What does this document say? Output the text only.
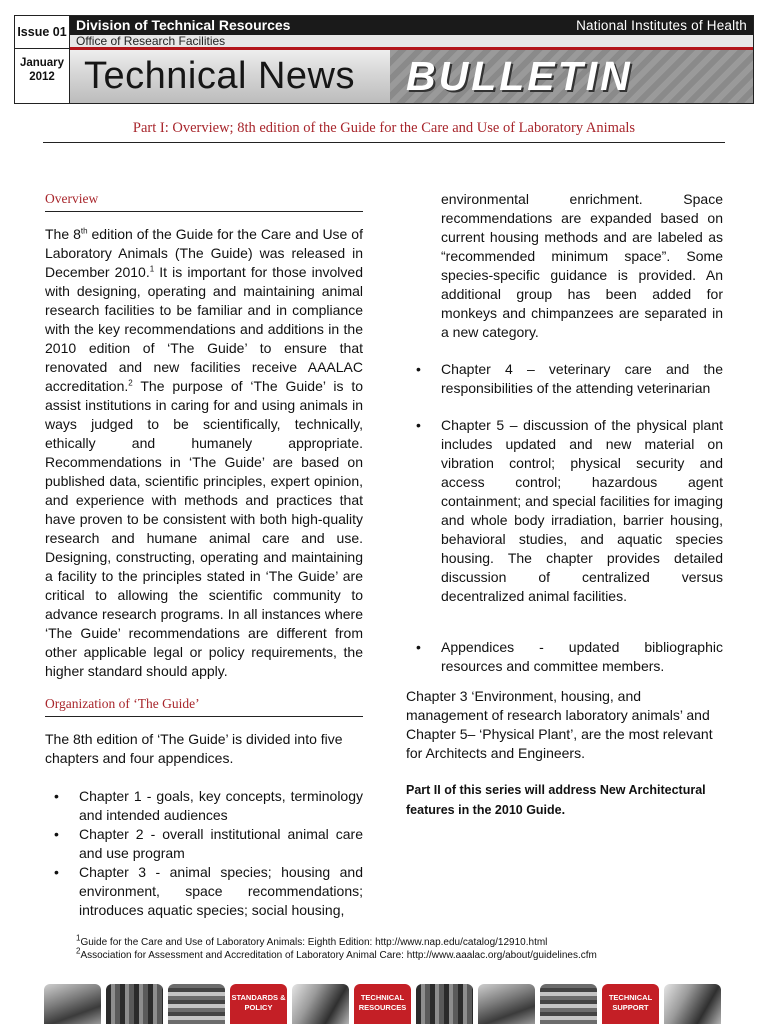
Issue 01
January
2012
Division of Technical Resources	National Institutes of Health
Office of Research Facilities
Technical News BULLETIN
Part I: Overview; 8th edition of the Guide for the Care and Use of Laboratory Animals
Overview

The 8th edition of the Guide for the Care and Use of Laboratory Animals (The Guide) was released in December 2010.$^1$ It is important for those involved with designing, operating and maintaining animal research facilities to be familiar and in compliance with the key recommendations and additions in the 2010 edition of ‘The Guide’ to ensure that renovated and new facilities receive AAALAC accreditation.$^2$ The purpose of ‘The Guide’ is to assist institutions in caring for and using animals in ways judged to be scientifically, technically, ethically and humanely appropriate. Recommendations in ‘The Guide’ are based on published data, scientific principles, expert opinion, and experience with methods and practices that have proven to be consistent with both high-quality research and humane animal care and use. Designing, constructing, operating and maintaining a facility to the principles stated in ‘The Guide’ are critical to allowing the scientific community to advance research programs. In all instances where ‘The Guide’ recommendations are different from other applicable legal or policy requirements, the higher standard should apply.

Organization of ‘The Guide’

The 8th edition of ‘The Guide’ is divided into five chapters and four appendices.

• Chapter 1 - goals, key concepts, terminology and intended audiences
• Chapter 2 - overall institutional animal care and use program
• Chapter 3 - animal species; housing and environment, space recommendations; introduces aquatic species; social housing,

environmental enrichment. Space recommendations are expanded based on current housing methods and are labeled as “recommended minimum space”. Some species-specific guidance is provided. An additional group has been added for monkeys and chimpanzees are separated in a new category.

• Chapter 4 – veterinary care and the responsibilities of the attending veterinarian
• Chapter 5 – discussion of the physical plant includes updated and new material on vibration control; physical security and access control; hazardous agent containment; and special facilities for imaging and whole body irradiation, barrier housing, behavioral studies, and aquatic species housing. The chapter provides detailed discussion of centralized versus decentralized animal facilities.
• Appendices - updated bibliographic resources and committee members.

Chapter 3 ‘Environment, housing, and management of research laboratory animals’ and Chapter 5– ‘Physical Plant’, are the most relevant for Architects and Engineers.

Part II of this series will address New Architectural features in the 2010 Guide.

$^1$Guide for the Care and Use of Laboratory Animals: Eighth Edition: http://www.nap.edu/catalog/12910.html
$^2$Association for Assessment and Accreditation of Laboratory Animal Care: http://www.aaalac.org/about/guidelines.cfm
STANDARDS & POLICY
TECHNICAL RESOURCES
TECHNICAL SUPPORT
